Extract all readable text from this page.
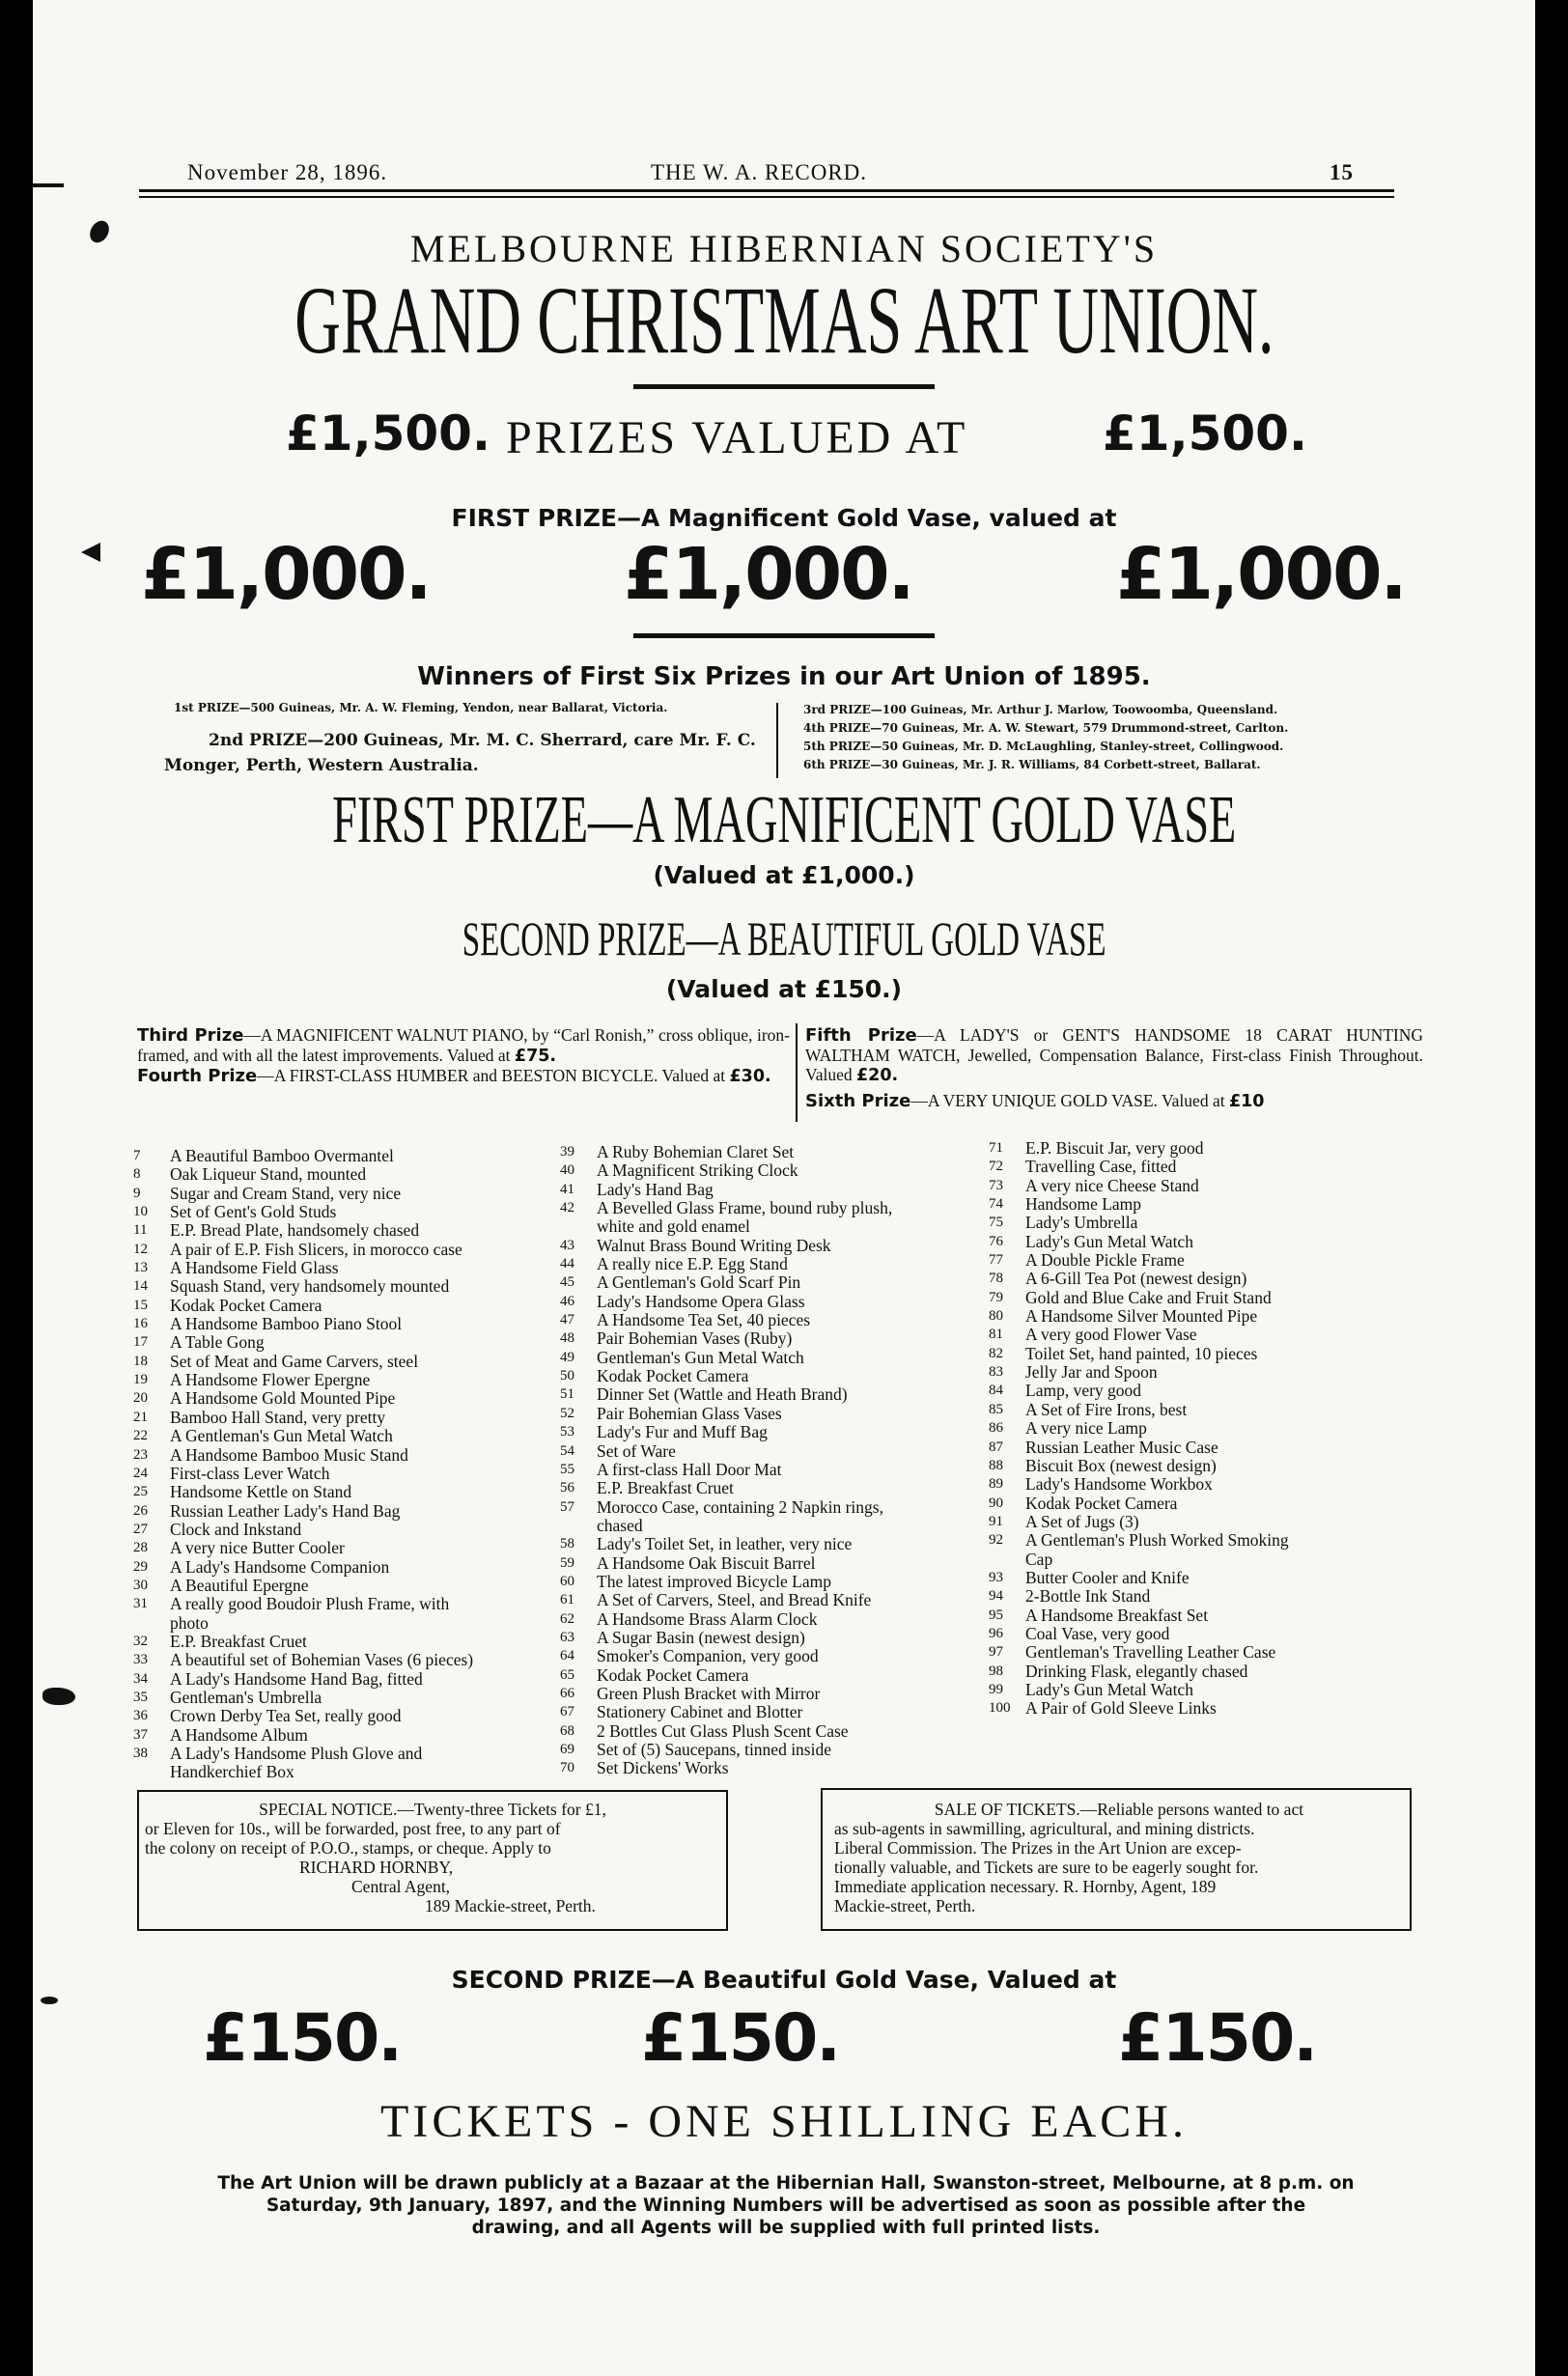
November 28, 1896.	THE W. A. RECORD.	15
MELBOURNE HIBERNIAN SOCIETY'S
GRAND CHRISTMAS ART UNION.
£1,500. PRIZES VALUED AT	£1,500.
FIRST PRIZE—A Magnificent Gold Vase, valued at
£1,000.	£1,000.	£1,000.
Winners of First Six Prizes in our Art Union of 1895.
1st PRIZE—500 Guineas, Mr. A. W. Fleming, Yendon, near Ballarat, Victoria.
2nd PRIZE—200 Guineas, Mr. M. C. Sherrard, care Mr. F. C.
Monger, Perth, Western Australia.
3rd PRIZE—100 Guineas, Mr. Arthur J. Marlow, Toowoomba, Queensland.
4th PRIZE—70 Guineas, Mr. A. W. Stewart, 579 Drummond-street, Carlton.
5th PRIZE—50 Guineas, Mr. D. McLaughling, Stanley-street, Collingwood.
6th PRIZE—30 Guineas, Mr. J. R. Williams, 84 Corbett-street, Ballarat.
FIRST PRIZE—A MAGNIFICENT GOLD VASE
(Valued at £1,000.)
SECOND PRIZE—A BEAUTIFUL GOLD VASE
(Valued at £150.)
Third Prize—A MAGNIFICENT WALNUT PIANO, by “Carl Ronish,” cross oblique, iron-framed, and with all the latest improvements. Valued at £75.
Fourth Prize—A FIRST-CLASS HUMBER and BEESTON BICYCLE. Valued at £30.
Fifth Prize—A LADY'S or GENT'S HANDSOME 18 CARAT HUNTING WALTHAM WATCH, Jewelled, Compensation Balance, First-class Finish Throughout. Valued £20.
Sixth Prize—A VERY UNIQUE GOLD VASE. Valued at £10
7	A Beautiful Bamboo Overmantel
8	Oak Liqueur Stand, mounted
9	Sugar and Cream Stand, very nice
10	Set of Gent's Gold Studs
11	E.P. Bread Plate, handsomely chased
12	A pair of E.P. Fish Slicers, in morocco case
13	A Handsome Field Glass
14	Squash Stand, very handsomely mounted
15	Kodak Pocket Camera
16	A Handsome Bamboo Piano Stool
17	A Table Gong
18	Set of Meat and Game Carvers, steel
19	A Handsome Flower Epergne
20	A Handsome Gold Mounted Pipe
21	Bamboo Hall Stand, very pretty
22	A Gentleman's Gun Metal Watch
23	A Handsome Bamboo Music Stand
24	First-class Lever Watch
25	Handsome Kettle on Stand
26	Russian Leather Lady's Hand Bag
27	Clock and Inkstand
28	A very nice Butter Cooler
29	A Lady's Handsome Companion
30	A Beautiful Epergne
31	A really good Boudoir Plush Frame, with
photo
32	E.P. Breakfast Cruet
33	A beautiful set of Bohemian Vases (6 pieces)
34	A Lady's Handsome Hand Bag, fitted
35	Gentleman's Umbrella
36	Crown Derby Tea Set, really good
37	A Handsome Album
38	A Lady's Handsome Plush Glove and
Handkerchief Box
39	A Ruby Bohemian Claret Set
40	A Magnificent Striking Clock
41	Lady's Hand Bag
42	A Bevelled Glass Frame, bound ruby plush,
white and gold enamel
43	Walnut Brass Bound Writing Desk
44	A really nice E.P. Egg Stand
45	A Gentleman's Gold Scarf Pin
46	Lady's Handsome Opera Glass
47	A Handsome Tea Set, 40 pieces
48	Pair Bohemian Vases (Ruby)
49	Gentleman's Gun Metal Watch
50	Kodak Pocket Camera
51	Dinner Set (Wattle and Heath Brand)
52	Pair Bohemian Glass Vases
53	Lady's Fur and Muff Bag
54	Set of Ware
55	A first-class Hall Door Mat
56	E.P. Breakfast Cruet
57	Morocco Case, containing 2 Napkin rings,
chased
58	Lady's Toilet Set, in leather, very nice
59	A Handsome Oak Biscuit Barrel
60	The latest improved Bicycle Lamp
61	A Set of Carvers, Steel, and Bread Knife
62	A Handsome Brass Alarm Clock
63	A Sugar Basin (newest design)
64	Smoker's Companion, very good
65	Kodak Pocket Camera
66	Green Plush Bracket with Mirror
67	Stationery Cabinet and Blotter
68	2 Bottles Cut Glass Plush Scent Case
69	Set of (5) Saucepans, tinned inside
70	Set Dickens' Works
71	E.P. Biscuit Jar, very good
72	Travelling Case, fitted
73	A very nice Cheese Stand
74	Handsome Lamp
75	Lady's Umbrella
76	Lady's Gun Metal Watch
77	A Double Pickle Frame
78	A 6-Gill Tea Pot (newest design)
79	Gold and Blue Cake and Fruit Stand
80	A Handsome Silver Mounted Pipe
81	A very good Flower Vase
82	Toilet Set, hand painted, 10 pieces
83	Jelly Jar and Spoon
84	Lamp, very good
85	A Set of Fire Irons, best
86	A very nice Lamp
87	Russian Leather Music Case
88	Biscuit Box (newest design)
89	Lady's Handsome Workbox
90	Kodak Pocket Camera
91	A Set of Jugs (3)
92	A Gentleman's Plush Worked Smoking
Cap
93	Butter Cooler and Knife
94	2-Bottle Ink Stand
95	A Handsome Breakfast Set
96	Coal Vase, very good
97	Gentleman's Travelling Leather Case
98	Drinking Flask, elegantly chased
99	Lady's Gun Metal Watch
100 A Pair of Gold Sleeve Links

SPECIAL NOTICE.—Twenty-three Tickets for £1,

or Eleven for 10s., will be forwarded, post free, to any part of

the colony on receipt of P.O.O., stamps, or cheque. Apply to

RICHARD HORNBY,

Central Agent,

189 Mackie-street, Perth.

SALE OF TICKETS.—Reliable persons wanted to act

as sub-agents in sawmilling, agricultural, and mining districts.

Liberal Commission. The Prizes in the Art Union are excep-

tionally valuable, and Tickets are sure to be eagerly sought for.

Immediate application necessary. R. Hornby, Agent, 189

Mackie-street, Perth.

SECOND PRIZE—A Beautiful Gold Vase, Valued at
£150.	£150.	£150.
TICKETS - ONE SHILLING EACH.
The Art Union will be drawn publicly at a Bazaar at the Hibernian Hall, Swanston-street, Melbourne, at 8 p.m. on
Saturday, 9th January, 1897, and the Winning Numbers will be advertised as soon as possible after the
drawing, and all Agents will be supplied with full printed lists.
